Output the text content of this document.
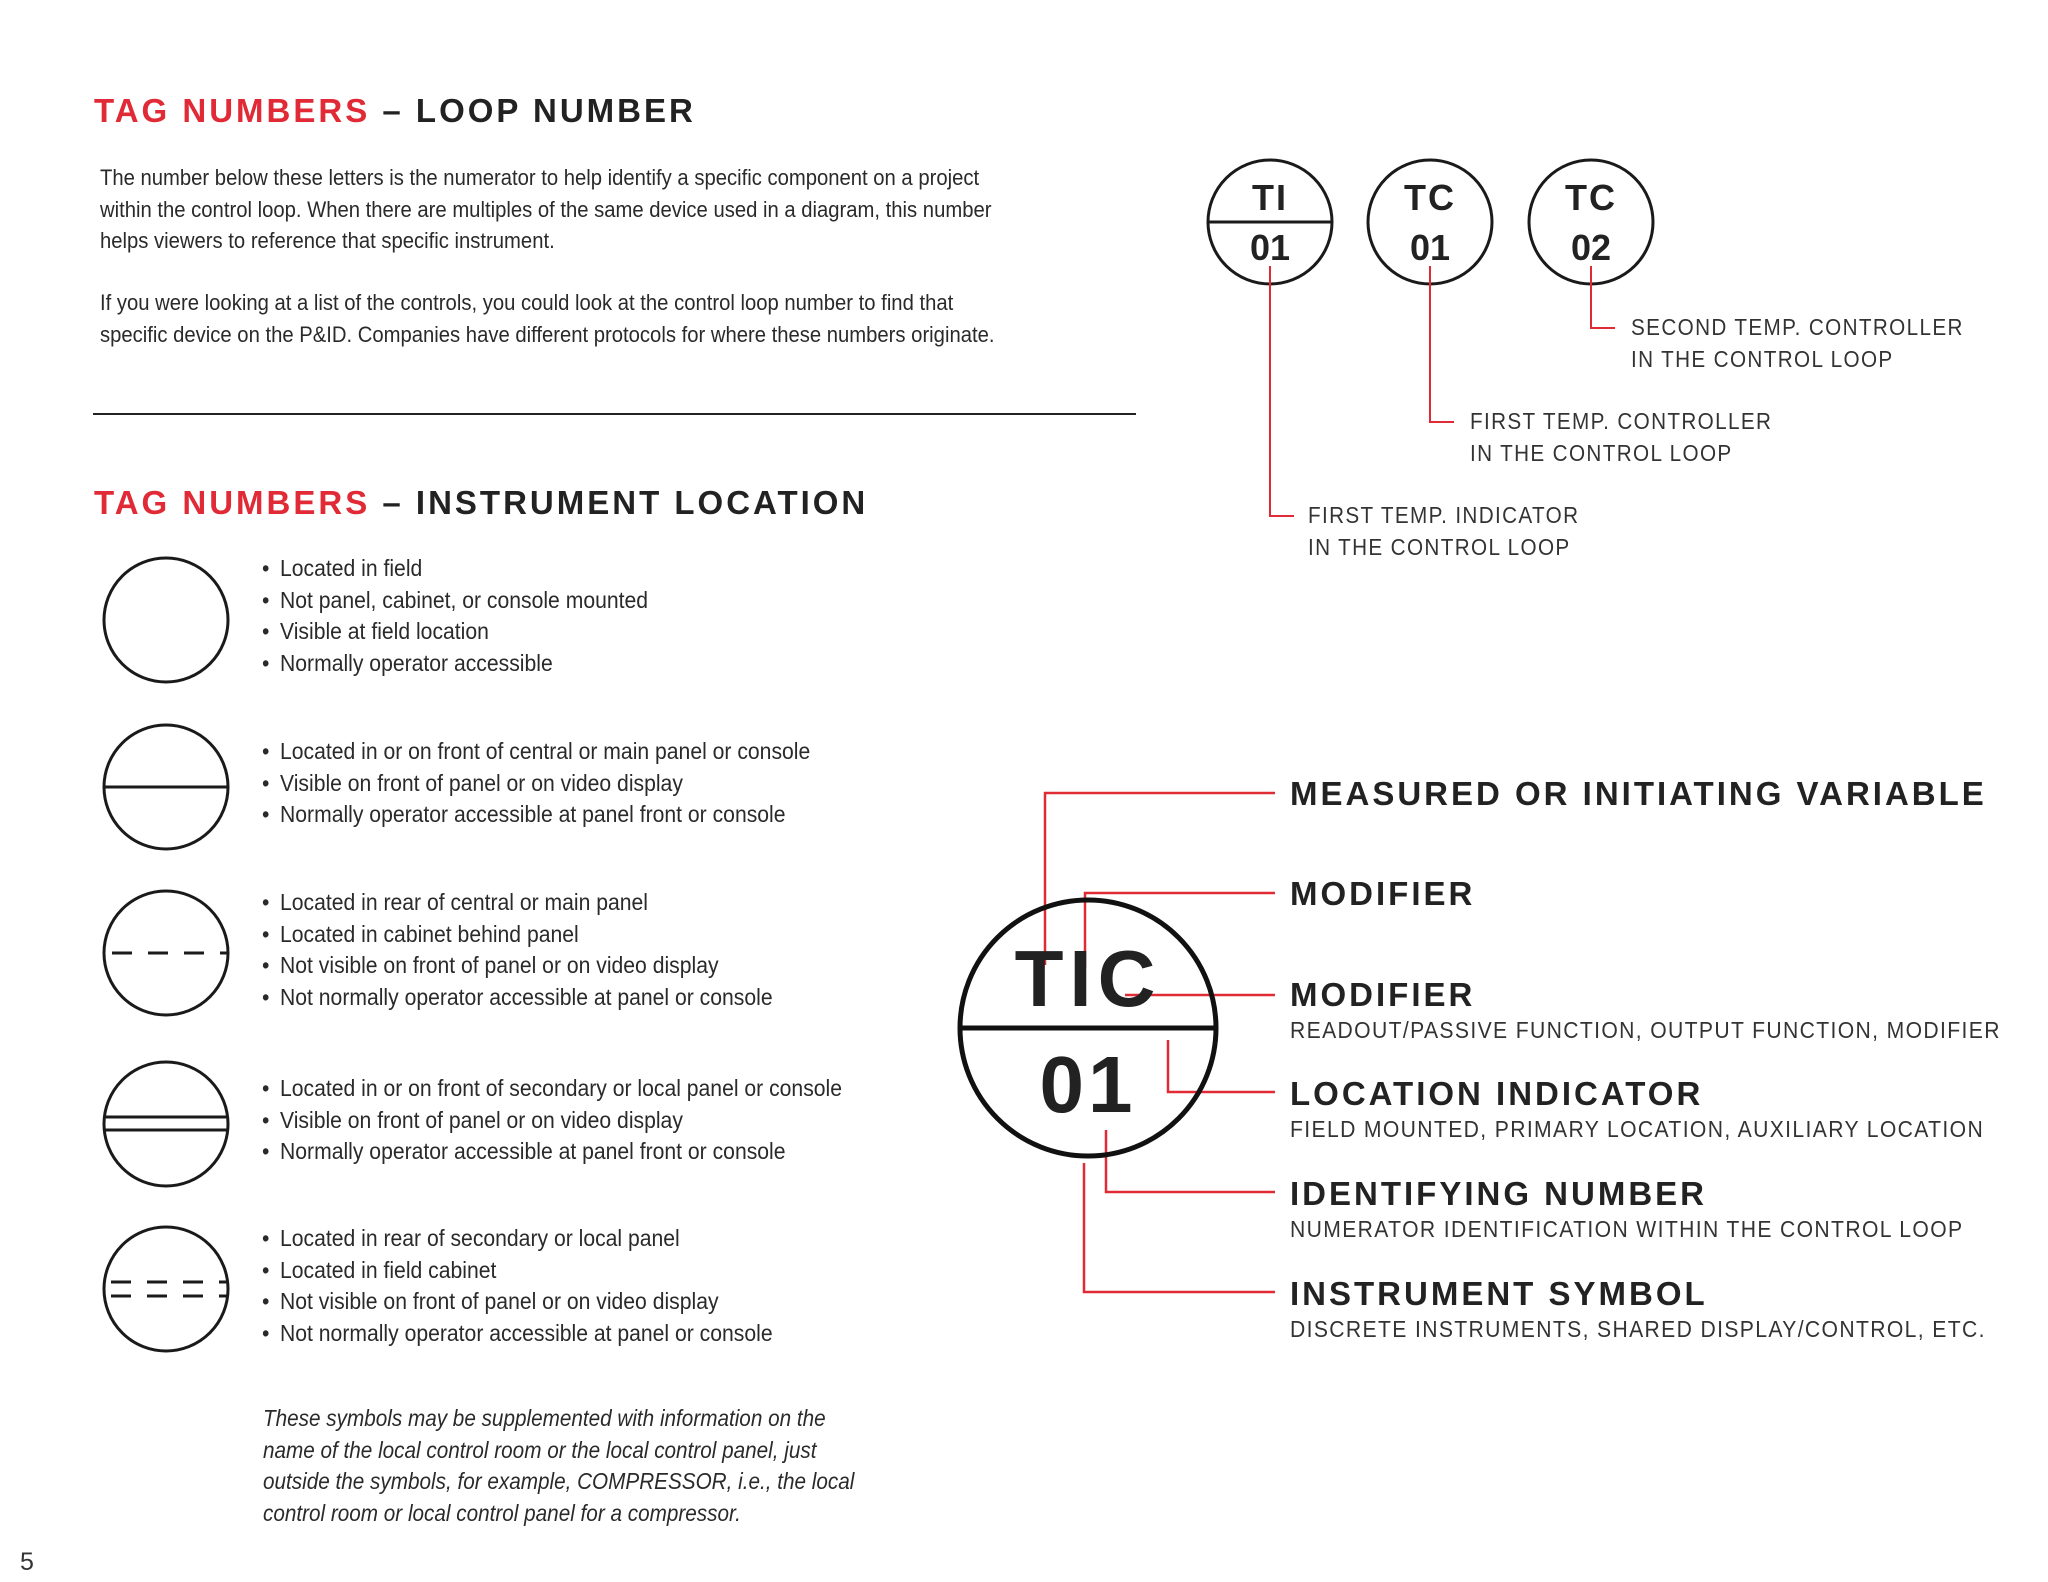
TAG NUMBERS – LOOP NUMBER

The number below these letters is the numerator to help identify a specific component on a project

within the control loop. When there are multiples of the same device used in a diagram, this number

helps viewers to reference that specific instrument.

If you were looking at a list of the controls, you could look at the control loop number to find that

specific device on the P&ID. Companies have different protocols for where these numbers originate.

TI
01
TC
01
TC
02
SECOND TEMP. CONTROLLER
IN THE CONTROL LOOP
FIRST TEMP. CONTROLLER
IN THE CONTROL LOOP
FIRST TEMP. INDICATOR
IN THE CONTROL LOOP
TAG NUMBERS – INSTRUMENT LOCATION
• Located in field
• Not panel, cabinet, or console mounted
• Visible at field location
• Normally operator accessible
• Located in or on front of central or main panel or console
• Visible on front of panel or on video display
• Normally operator accessible at panel front or console
• Located in rear of central or main panel
• Located in cabinet behind panel
• Not visible on front of panel or on video display
• Not normally operator accessible at panel or console
• Located in or on front of secondary or local panel or console
• Visible on front of panel or on video display
• Normally operator accessible at panel front or console
• Located in rear of secondary or local panel
• Located in field cabinet
• Not visible on front of panel or on video display
• Not normally operator accessible at panel or console
These symbols may be supplemented with information on the
name of the local control room or the local control panel, just
outside the symbols, for example, COMPRESSOR, i.e., the local
control room or local control panel for a compressor.
TIC
01
MEASURED OR INITIATING VARIABLE
MODIFIER
MODIFIER
READOUT/PASSIVE FUNCTION, OUTPUT FUNCTION, MODIFIER
LOCATION INDICATOR
FIELD MOUNTED, PRIMARY LOCATION, AUXILIARY LOCATION
IDENTIFYING NUMBER
NUMERATOR IDENTIFICATION WITHIN THE CONTROL LOOP
INSTRUMENT SYMBOL
DISCRETE INSTRUMENTS, SHARED DISPLAY/CONTROL, ETC.

5
